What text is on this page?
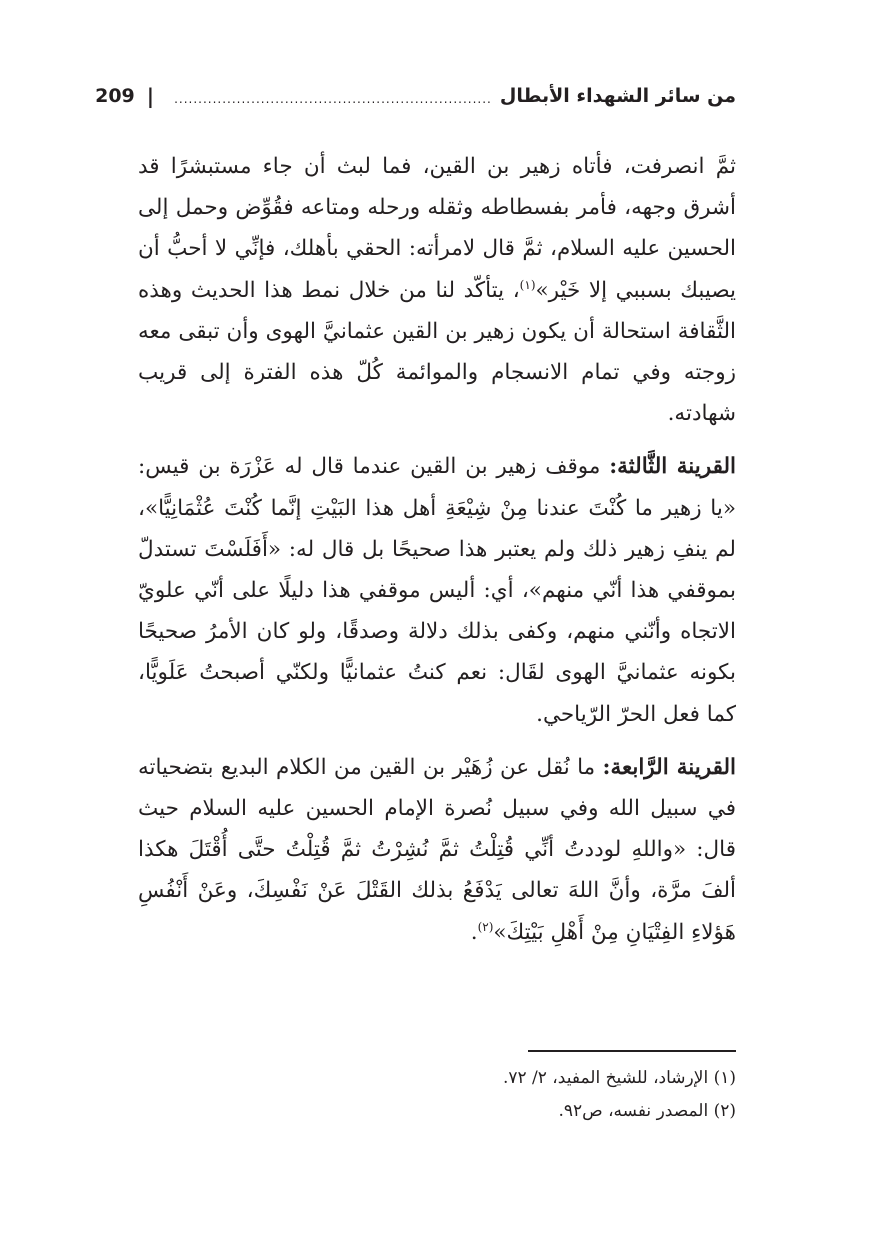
من سائر الشهداء الأبطال
..................................................................
|
209

ثمَّ انصرفت، فأتاه زهير بن القين، فما لبث أن جاء مستبشرًا قد أشرق وجهه، فأمر بفسطاطه وثقله ورحله ومتاعه فقُوِّض وحمل إلى الحسين عليه السلام، ثمَّ قال لامرأته: الحقي بأهلك، فإنِّي لا أحبُّ أن يصيبك بسببي إلا خَيْر»$^{(١)}$، يتأكّد لنا من خلال نمط هذا الحديث وهذه الثَّقافة استحالة أن يكون زهير بن القين عثمانيَّ الهوى وأن تبقى معه زوجته وفي تمام الانسجام والموائمة كُلّ هذه الفترة إلى قريب شهادته.

القرينة الثَّالثة: موقف زهير بن القين عندما قال له عَزْرَة بن قيس: «يا زهير ما كُنْتَ عندنا مِنْ شِيْعَةِ أهل هذا البَيْتِ إنَّما كُنْتَ عُثْمَانِيًّا»، لم ينفِ زهير ذلك ولم يعتبر هذا صحيحًا بل قال له: «أَفَلَسْتَ تستدلّ بموقفي هذا أنّي منهم»، أي: أليس موقفي هذا دليلًا على أنّي علويّ الاتجاه وأنّني منهم، وكفى بذلك دلالة وصدقًا، ولو كان الأمرُ صحيحًا بكونه عثمانيَّ الهوى لقَال: نعم كنتُ عثمانيًّا ولكنّي أصبحتُ عَلَويًّا، كما فعل الحرّ الرّياحي.

القرينة الرَّابعة: ما نُقل عن زُهَيْر بن القين من الكلام البديع بتضحياته في سبيل الله وفي سبيل نُصرة الإمام الحسين عليه السلام حيث قال: «واللهِ لوددتُ أنِّي قُتِلْتُ ثمَّ نُشِرْتُ ثمَّ قُتِلْتُ حتَّى أُقْتَلَ هكذا ألفَ مرَّة، وأنَّ اللهَ تعالى يَدْفَعُ بذلك القَتْلَ عَنْ نَفْسِكَ، وعَنْ أَنْفُسِ هَؤلاءِ الفِتْيَانِ مِنْ أَهْلِ بَيْتِكَ»$^{(٢)}$.

(١) الإرشاد، للشيخ المفيد، ٢/ ٧٢.

(٢) المصدر نفسه، ص٩٢.
